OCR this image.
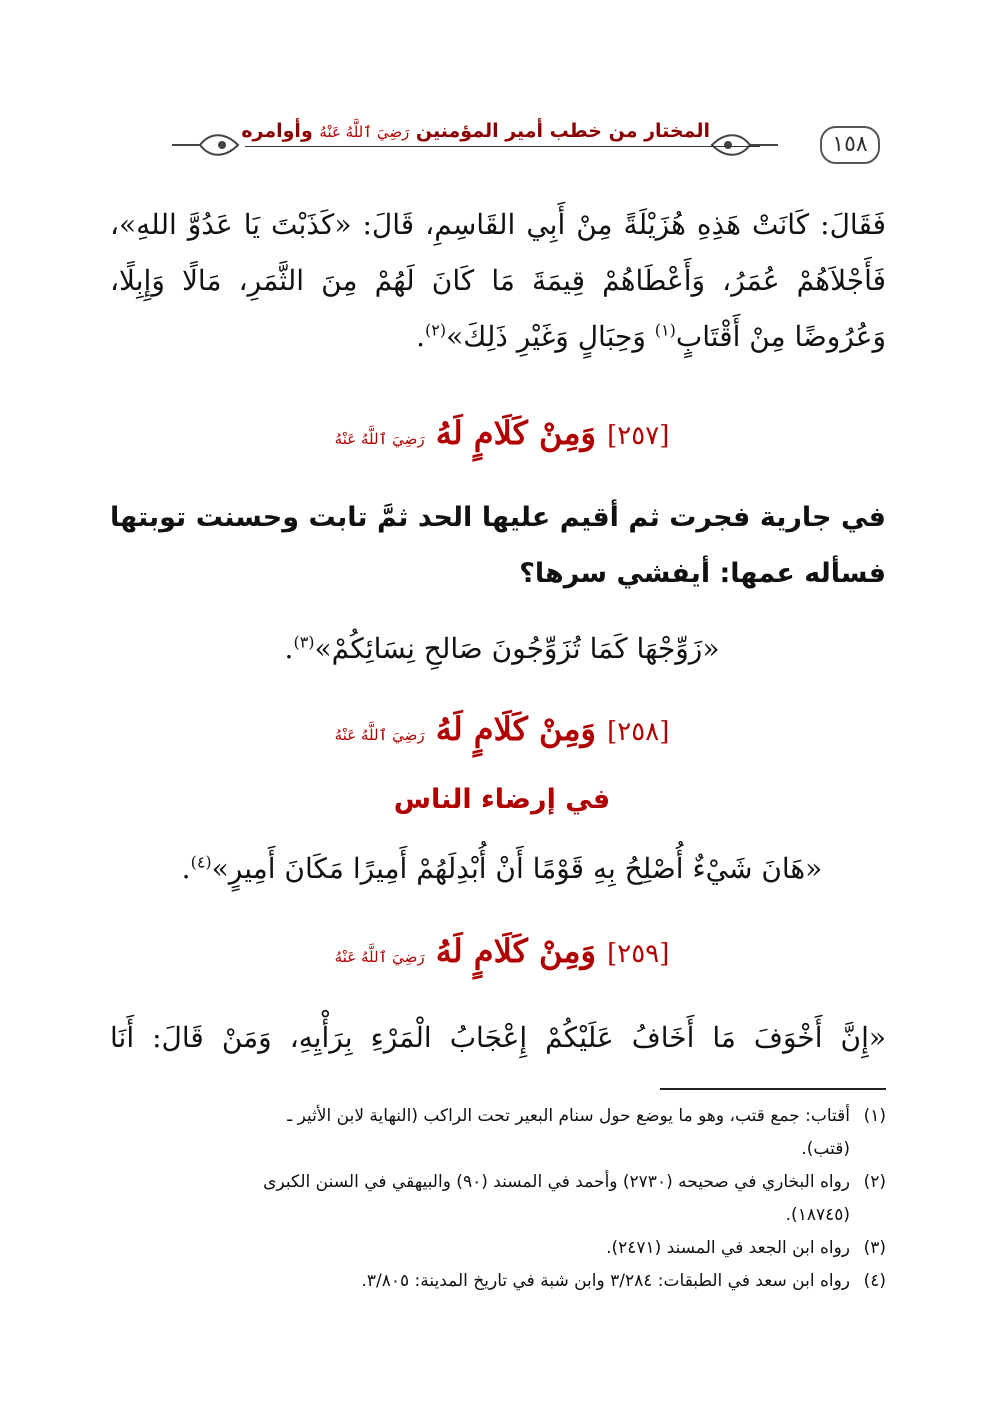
١٥٨
المختار من خطب أمير المؤمنين رَضِيَ ٱللَّهُ عَنْهُ وأوامره
فَقَالَ: كَانَتْ هَذِهِ هُزَيْلَةً مِنْ أَبِي القَاسِمِ، قَالَ: «كَذَبْتَ يَا عَدُوَّ اللهِ»،
فَأَجْلاَهُمْ عُمَرُ، وَأَعْطَاهُمْ قِيمَةَ مَا كَانَ لَهُمْ مِنَ الثَّمَرِ، مَالًا وَإِبِلًا،
وَعُرُوضًا مِنْ أَقْتَابٍ$^{(١)}$ وَحِبَالٍ وَغَيْرِ ذَلِكَ»$^{(٢)}$.
[٢٥٧] وَمِنْ كَلَامٍ لَهُ رَضِيَ ٱللَّهُ عَنْهُ
في جارية فجرت ثم أقيم عليها الحد ثمَّ تابت وحسنت توبتها
فسأله عمها: أيفشي سرها؟
«زَوِّجْهَا كَمَا تُزَوِّجُونَ صَالحِ نِسَائِكُمْ»$^{(٣)}$.
[٢٥٨] وَمِنْ كَلَامٍ لَهُ رَضِيَ ٱللَّهُ عَنْهُ
في إرضاء الناس
«هَانَ شَيْءٌ أُصْلِحُ بِهِ قَوْمًا أَنْ أُبْدِلَهُمْ أَمِيرًا مَكَانَ أَمِيرٍ»$^{(٤)}$.
[٢٥٩] وَمِنْ كَلَامٍ لَهُ رَضِيَ ٱللَّهُ عَنْهُ
«إِنَّ أَخْوَفَ مَا أَخَافُ عَلَيْكُمْ إِعْجَابُ الْمَرْءِ بِرَأْيِهِ، وَمَنْ قَالَ: أَنَا
(١)أقتاب: جمع قتب، وهو ما يوضع حول سنام البعير تحت الراكب (النهاية لابن الأثير ـ
(قتب).
(٢)رواه البخاري في صحيحه (٢٧٣٠) وأحمد في المسند (٩٠) والبيهقي في السنن الكبرى
(١٨٧٤٥).
(٣)رواه ابن الجعد في المسند (٢٤٧١).
(٤)رواه ابن سعد في الطبقات: ٣/٢٨٤ وابن شبة في تاريخ المدينة: ٣/٨٠٥.
